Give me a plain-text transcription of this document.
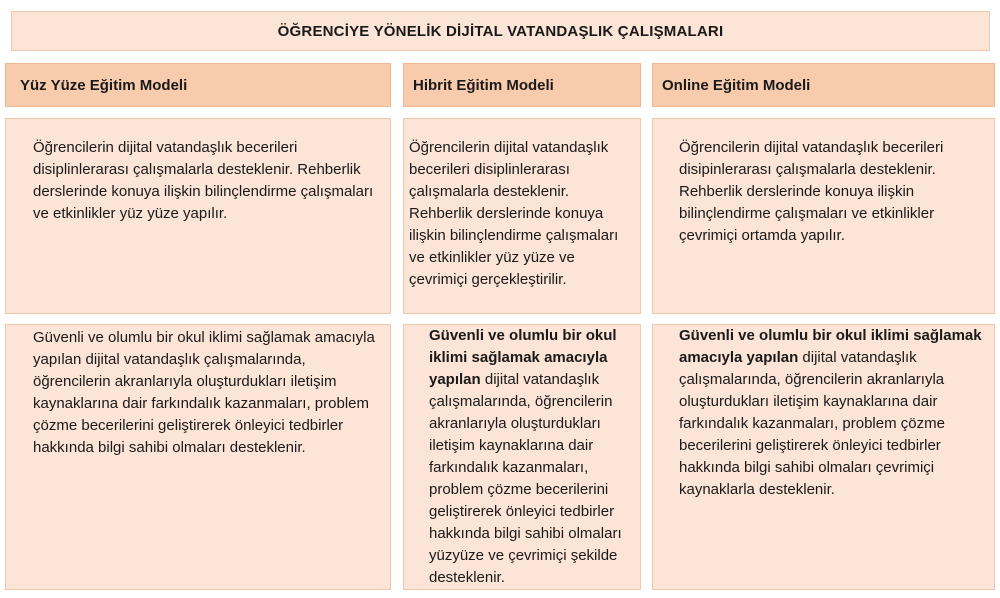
ÖĞRENCİYE YÖNELİK DİJİTAL VATANDAŞLIK ÇALIŞMALARI
Yüz Yüze Eğitim Modeli

Öğrencilerin dijital vatandaşlık becerileri disiplinlerarası çalışmalarla desteklenir. Rehberlik derslerinde konuya ilişkin bilinçlendirme çalışmaları ve etkinlikler yüz yüze yapılır.

Güvenli ve olumlu bir okul iklimi sağlamak amacıyla yapılan dijital vatandaşlık çalışmalarında, öğrencilerin akranlarıyla oluşturdukları iletişim kaynaklarına dair farkındalık kazanmaları, problem çözme becerilerini geliştirerek önleyici tedbirler hakkında bilgi sahibi olmaları desteklenir.

Hibrit Eğitim Modeli

Öğrencilerin dijital vatandaşlık becerileri disiplinlerarası çalışmalarla desteklenir. Rehberlik derslerinde konuya ilişkin bilinçlendirme çalışmaları ve etkinlikler yüz yüze ve çevrimiçi gerçekleştirilir.

Güvenli ve olumlu bir okul iklimi sağlamak amacıyla yapılan dijital vatandaşlık çalışmalarında, öğrencilerin akranlarıyla oluşturdukları iletişim kaynaklarına dair farkındalık kazanmaları, problem çözme becerilerini geliştirerek önleyici tedbirler hakkında bilgi sahibi olmaları yüzyüze ve çevrimiçi şekilde desteklenir.

Online Eğitim Modeli

Öğrencilerin dijital vatandaşlık becerileri disipinlerarası çalışmalarla desteklenir. Rehberlik derslerinde konuya ilişkin bilinçlendirme çalışmaları ve etkinlikler çevrimiçi ortamda yapılır.

Güvenli ve olumlu bir okul iklimi sağlamak amacıyla yapılan dijital vatandaşlık çalışmalarında, öğrencilerin akranlarıyla oluşturdukları iletişim kaynaklarına dair farkındalık kazanmaları, problem çözme becerilerini geliştirerek önleyici tedbirler hakkında bilgi sahibi olmaları çevrimiçi kaynaklarla desteklenir.
